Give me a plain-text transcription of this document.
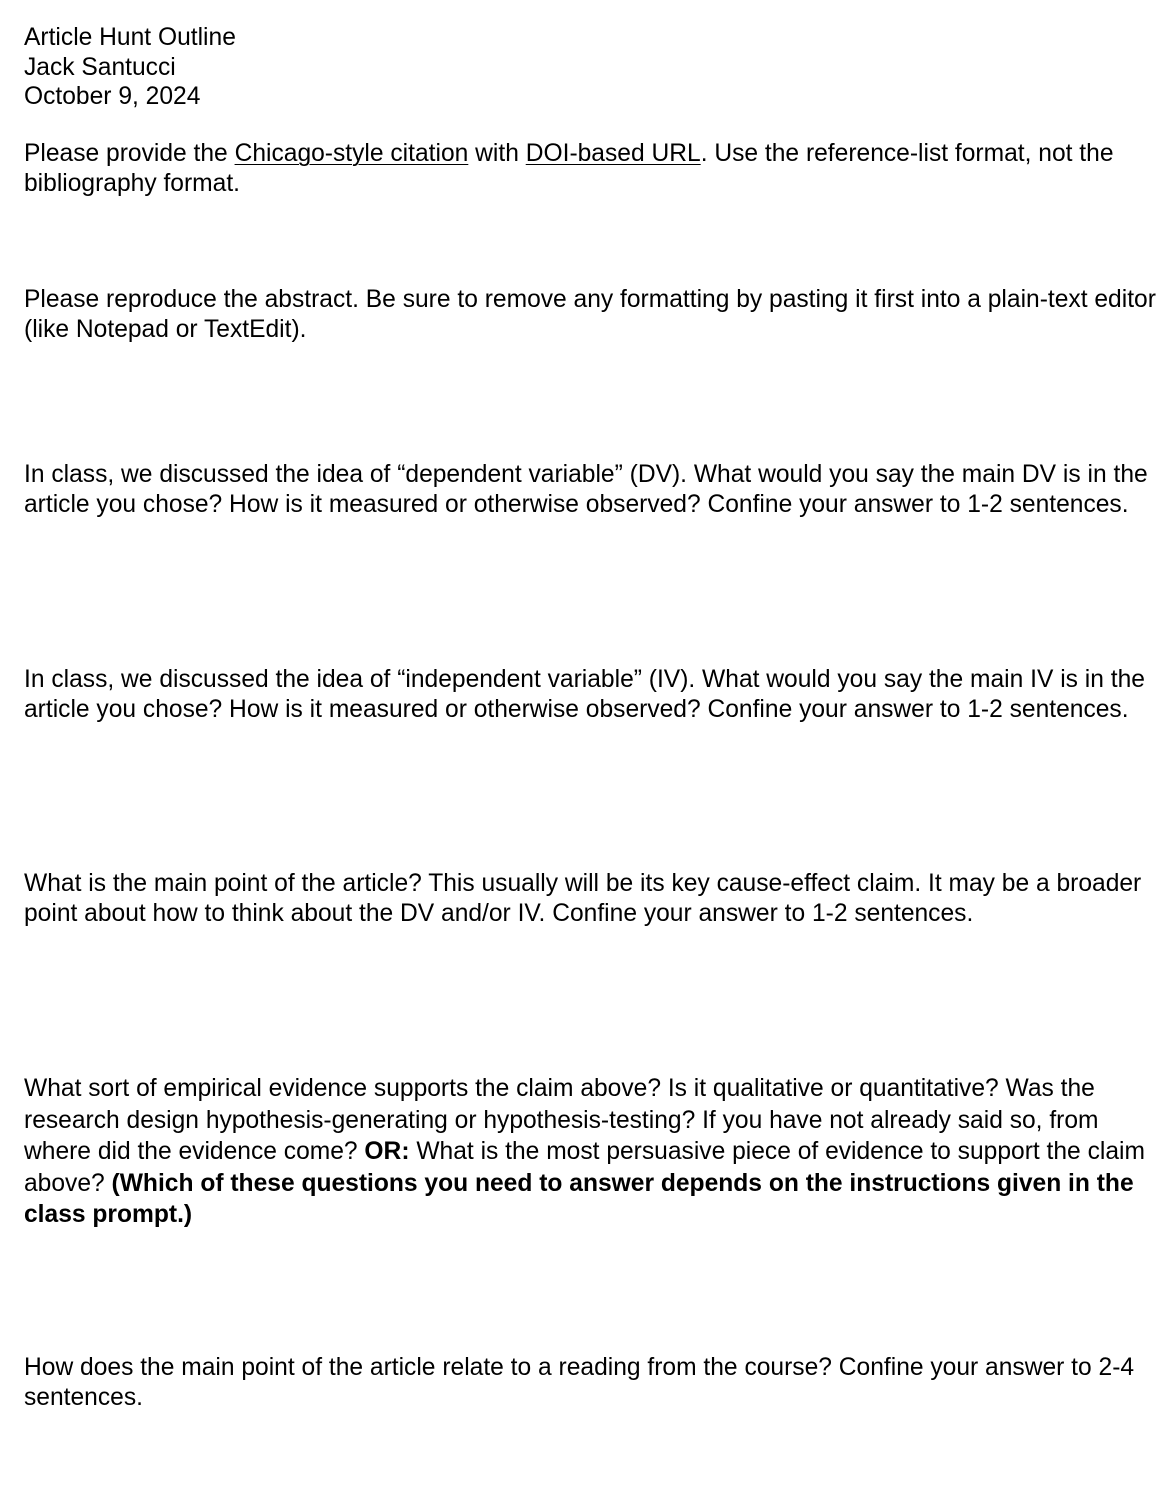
Article Hunt Outline
Jack Santucci
October 9, 2024

Please provide the Chicago-style citation with DOI-based URL. Use the reference-list format, not the bibliography format.

Please reproduce the abstract. Be sure to remove any formatting by pasting it first into a plain-text editor (like Notepad or TextEdit).

In class, we discussed the idea of “dependent variable” (DV). What would you say the main DV is in the article you chose? How is it measured or otherwise observed? Confine your answer to 1-2 sentences.

In class, we discussed the idea of “independent variable” (IV). What would you say the main IV is in the article you chose? How is it measured or otherwise observed? Confine your answer to 1-2 sentences.

What is the main point of the article? This usually will be its key cause-effect claim. It may be a broader point about how to think about the DV and/or IV. Confine your answer to 1-2 sentences.

What sort of empirical evidence supports the claim above? Is it qualitative or quantitative? Was the research design hypothesis-generating or hypothesis-testing? If you have not already said so, from where did the evidence come? OR: What is the most persuasive piece of evidence to support the claim above? (Which of these questions you need to answer depends on the instructions given in the class prompt.)

How does the main point of the article relate to a reading from the course? Confine your answer to 2-4 sentences.
